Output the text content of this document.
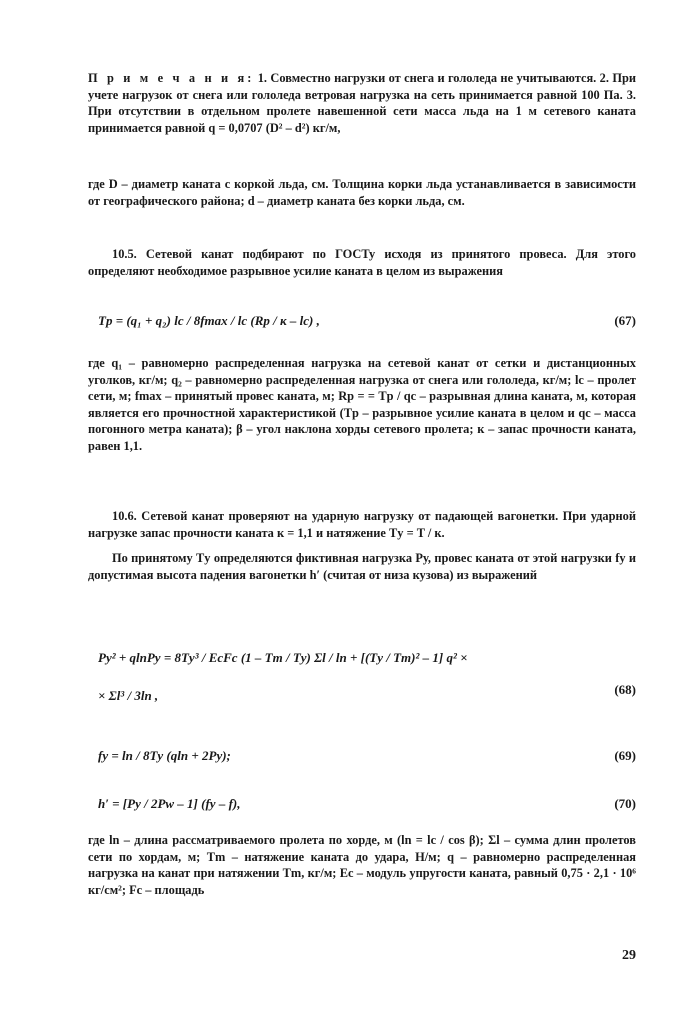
П р и м е ч а н и я: 1. Совместно нагрузки от снега и гололеда не учитываются. 2. При учете нагрузок от снега или гололеда ветровая нагрузка на сеть принимается равной 100 Па. 3. При отсутствии в отдельном пролете навешенной сети масса льда на 1 м сетевого каната принимается равной q = 0,0707 (D² – d²) кг/м,
где D – диаметр каната с коркой льда, см. Толщина корки льда устанавливается в зависимости от географического района; d – диаметр каната без корки льда, см.
10.5. Сетевой канат подбирают по ГОСТу исходя из принятого провеса. Для этого определяют необходимое разрывное усилие каната в целом из выражения
Tр = (q₁ + q₂) lс / 8fmax / lс (Rр / к – lс) ,	(67)
где q₁ – равномерно распределенная нагрузка на сетевой канат от сетки и дистанционных уголков, кг/м; q₂ – равномерно распределенная нагрузка от снега или гололеда, кг/м; lс – пролет сети, м; fmax – принятый провес каната, м; Rр = = Tр / qс – разрывная длина каната, м, которая является его прочностной характеристикой (Tр – разрывное усилие каната в целом и qс – масса погонного метра каната); β – угол наклона хорды сетевого пролета; к – запас прочности каната, равен 1,1.
10.6. Сетевой канат проверяют на ударную нагрузку от падающей вагонетки. При ударной нагрузке запас прочности каната к = 1,1 и натяжение Tу = T / к.
По принятому Tу определяются фиктивная нагрузка Pу, провес каната от этой нагрузки fу и допустимая высота падения вагонетки h′ (считая от низа кузова) из выражений
Pу² + qlnPу = 8Tу³ / EсFс (1 – Tm / Tу) Σl / ln + [(Tу / Tm)² – 1] q² ×
× Σl³ / 3ln ,	(68)
fу = ln / 8Tу (qln + 2Pу);	(69)
h′ = [Pу / 2Pw – 1] (fу – f),	(70)
где ln – длина рассматриваемого пролета по хорде, м (ln = lс / cos β); Σl – сумма длин пролетов сети по хордам, м; Tm – натяжение каната до удара, Н/м; q – равномерно распределенная нагрузка на канат при натяжении Tm, кг/м; Eс – модуль упругости каната, равный 0,75 · 2,1 · 10⁶ кг/см²; Fс – площадь
29
